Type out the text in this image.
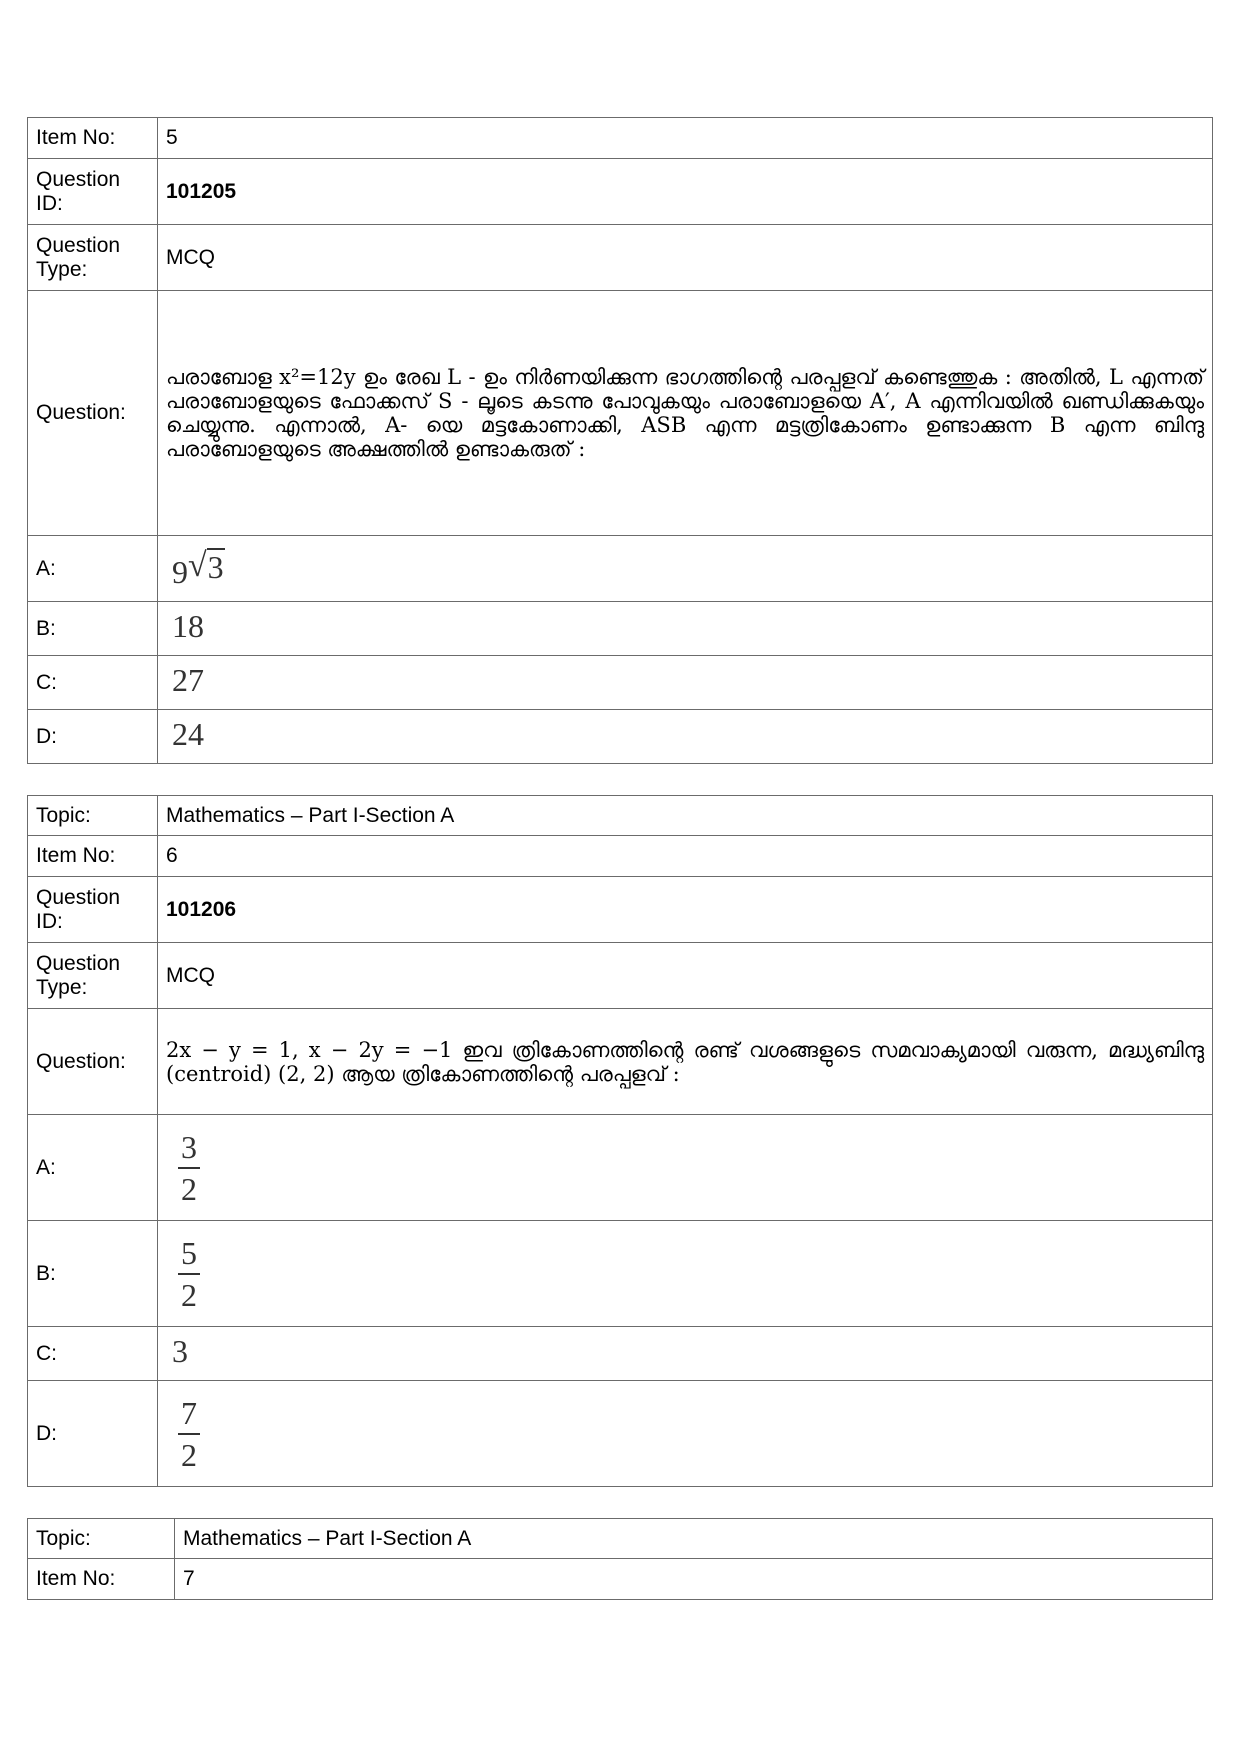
Item No:	5
Question ID:	101205
Question Type:	MCQ
Question:	പരാബോള x²=12y ഉം രേഖ L - ഉം നിർണയിക്കുന്ന ഭാഗത്തിന്റെ പരപ്പളവ് കണ്ടെത്തുക : അതിൽ, L എന്നത് പരാബോളയുടെ ഫോക്കസ് S - ലൂടെ കടന്നു പോവുകയും പരാബോളയെ A′, A എന്നിവയിൽ ഖണ്ഡിക്കുകയും ചെയ്യുന്നു. എന്നാൽ, A- യെ മട്ടകോണാക്കി, ASB എന്ന മട്ടത്രികോണം ഉണ്ടാക്കുന്ന B എന്ന ബിന്ദു പരാബോളയുടെ അക്ഷത്തിൽ ഉണ്ടാകരുത് :
A:	9 √ 3

B:	18
C:	27
D:	24
Topic:	Mathematics – Part I-Section A
Item No:	6
Question ID:	101206
Question Type:	MCQ
Question:	2x − y = 1, x − 2y = −1 ഇവ ത്രികോണത്തിന്റെ രണ്ട് വശങ്ങളുടെ സമവാക്യമായി വരുന്ന, മദ്ധ്യബിന്ദു (centroid) (2, 2) ആയ ത്രികോണത്തിന്റെ പരപ്പളവ് :
A:	$\frac{3}{2}$

B:	$\frac{5}{2}$

C:	3
D:	$\frac{7}{2}$
Topic:	Mathematics – Part I-Section A
Item No:	7
